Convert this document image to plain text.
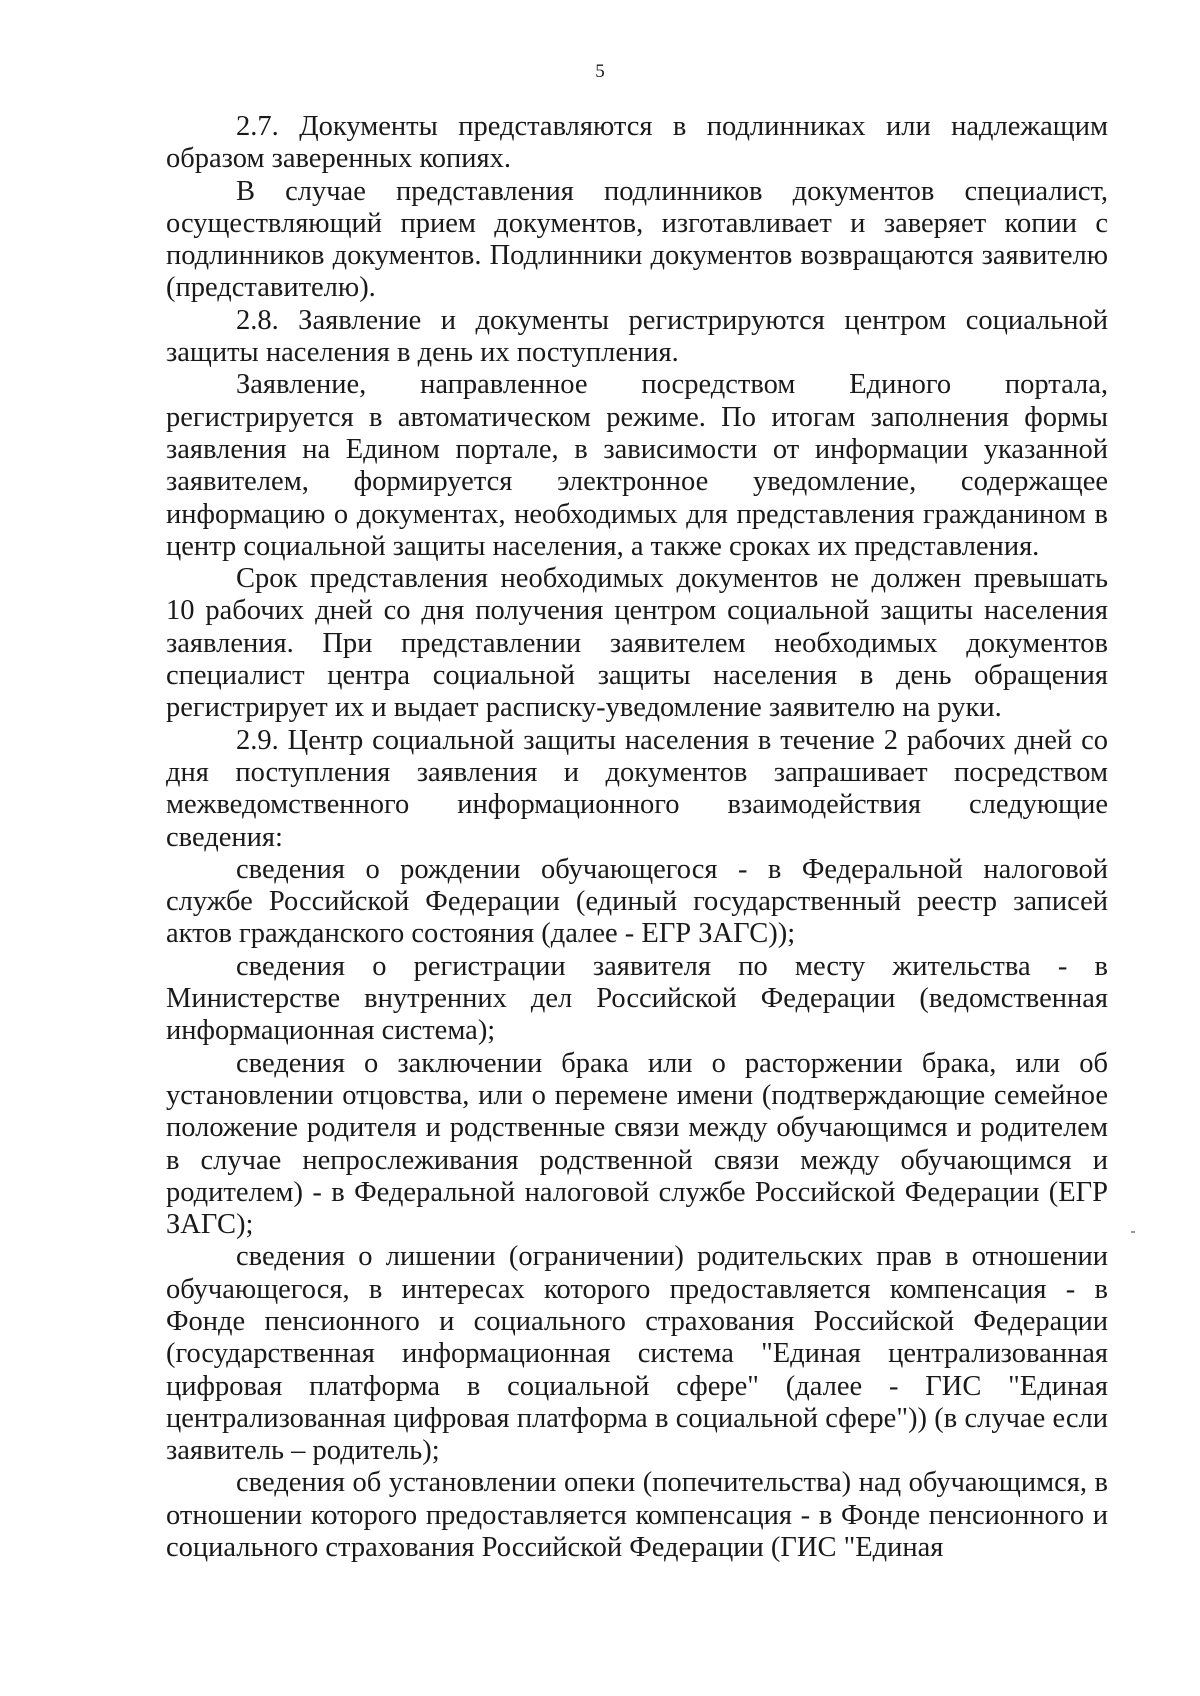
5

2.7. Документы представляются в подлинниках или надлежащим образом заверенных копиях.

В случае представления подлинников документов специалист, осуществляющий прием документов, изготавливает и заверяет копии с подлинников документов. Подлинники документов возвращаются заявителю (представителю).

2.8. Заявление и документы регистрируются центром социальной защиты населения в день их поступления.

Заявление, направленное посредством Единого портала, регистрируется в автоматическом режиме. По итогам заполнения формы заявления на Едином портале, в зависимости от информации указанной заявителем, формируется электронное уведомление, содержащее информацию о документах, необходимых для представления гражданином в центр социальной защиты населения, а также сроках их представления.

Срок представления необходимых документов не должен превышать 10 рабочих дней со дня получения центром социальной защиты населения заявления. При представлении заявителем необходимых документов специалист центра социальной защиты населения в день обращения регистрирует их и выдает расписку-уведомление заявителю на руки.

2.9. Центр социальной защиты населения в течение 2 рабочих дней со дня поступления заявления и документов запрашивает посредством межведомственного информационного взаимодействия следующие сведения:

сведения о рождении обучающегося - в Федеральной налоговой службе Российской Федерации (единый государственный реестр записей актов гражданского состояния (далее - ЕГР ЗАГС));

сведения о регистрации заявителя по месту жительства - в Министерстве внутренних дел Российской Федерации (ведомственная информационная система);

сведения о заключении брака или о расторжении брака, или об установлении отцовства, или о перемене имени (подтверждающие семейное положение родителя и родственные связи между обучающимся и родителем в случае непрослеживания родственной связи между обучающимся и родителем) - в Федеральной налоговой службе Российской Федерации (ЕГР ЗАГС);

сведения о лишении (ограничении) родительских прав в отношении обучающегося, в интересах которого предоставляется компенсация - в Фонде пенсионного и социального страхования Российской Федерации (государственная информационная система "Единая централизованная цифровая платформа в социальной сфере" (далее - ГИС "Единая централизованная цифровая платформа в социальной сфере")) (в случае если заявитель – родитель);

сведения об установлении опеки (попечительства) над обучающимся, в отношении которого предоставляется компенсация - в Фонде пенсионного и социального страхования Российской Федерации (ГИС "Единая
